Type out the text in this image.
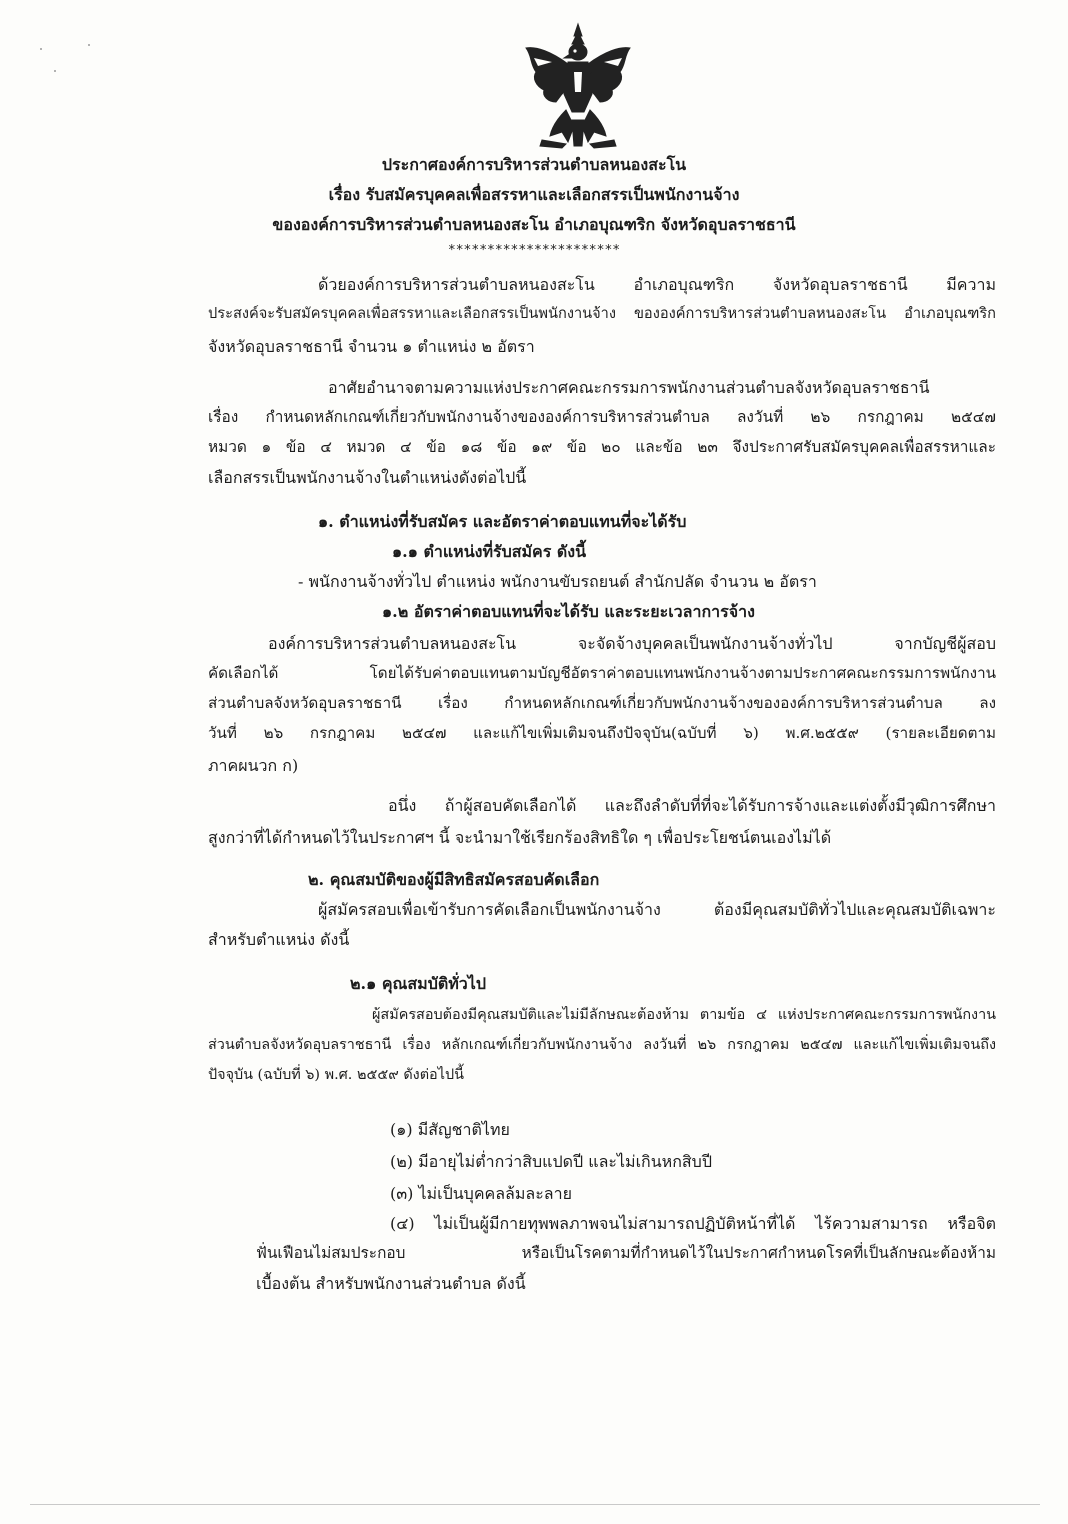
ประกาศองค์การบริหารส่วนตำบลหนองสะโน

เรื่อง รับสมัครบุคคลเพื่อสรรหาและเลือกสรรเป็นพนักงานจ้าง

ขององค์การบริหารส่วนตำบลหนองสะโน อำเภอบุณฑริก จังหวัดอุบลราชธานี

**********************

ด้วยองค์การบริหารส่วนตำบลหนองสะโน อำเภอบุณฑริก จังหวัดอุบลราชธานี มีความ

ประสงค์จะรับสมัครบุคคลเพื่อสรรหาและเลือกสรรเป็นพนักงานจ้าง ขององค์การบริหารส่วนตำบลหนองสะโน อำเภอบุณฑริก

จังหวัดอุบลราชธานี จำนวน ๑ ตำแหน่ง ๒ อัตรา

อาศัยอำนาจตามความแห่งประกาศคณะกรรมการพนักงานส่วนตำบลจังหวัดอุบลราชธานี

เรื่อง กำหนดหลักเกณฑ์เกี่ยวกับพนักงานจ้างขององค์การบริหารส่วนตำบล ลงวันที่ ๒๖ กรกฎาคม ๒๕๔๗

หมวด ๑ ข้อ ๔ หมวด ๔ ข้อ ๑๘ ข้อ ๑๙ ข้อ ๒๐ และข้อ ๒๓ จึงประกาศรับสมัครบุคคลเพื่อสรรหาและ

เลือกสรรเป็นพนักงานจ้างในตำแหน่งดังต่อไปนี้

๑. ตำแหน่งที่รับสมัคร และอัตราค่าตอบแทนที่จะได้รับ

๑.๑ ตำแหน่งที่รับสมัคร ดังนี้

- พนักงานจ้างทั่วไป ตำแหน่ง พนักงานขับรถยนต์ สำนักปลัด จำนวน ๒ อัตรา

๑.๒ อัตราค่าตอบแทนที่จะได้รับ และระยะเวลาการจ้าง

องค์การบริหารส่วนตำบลหนองสะโน จะจัดจ้างบุคคลเป็นพนักงานจ้างทั่วไป จากบัญชีผู้สอบ

คัดเลือกได้ โดยได้รับค่าตอบแทนตามบัญชีอัตราค่าตอบแทนพนักงานจ้างตามประกาศคณะกรรมการพนักงาน

ส่วนตำบลจังหวัดอุบลราชธานี เรื่อง กำหนดหลักเกณฑ์เกี่ยวกับพนักงานจ้างขององค์การบริหารส่วนตำบล ลง

วันที่ ๒๖ กรกฎาคม ๒๕๔๗ และแก้ไขเพิ่มเติมจนถึงปัจจุบัน(ฉบับที่ ๖) พ.ศ.๒๕๕๙ (รายละเอียดตาม

ภาคผนวก ก)

อนึ่ง ถ้าผู้สอบคัดเลือกได้ และถึงลำดับที่ที่จะได้รับการจ้างและแต่งตั้งมีวุฒิการศึกษา

สูงกว่าที่ได้กำหนดไว้ในประกาศฯ นี้ จะนำมาใช้เรียกร้องสิทธิใด ๆ เพื่อประโยชน์ตนเองไม่ได้

๒. คุณสมบัติของผู้มีสิทธิสมัครสอบคัดเลือก

ผู้สมัครสอบเพื่อเข้ารับการคัดเลือกเป็นพนักงานจ้าง ต้องมีคุณสมบัติทั่วไปและคุณสมบัติเฉพาะ

สำหรับตำแหน่ง ดังนี้

๒.๑ คุณสมบัติทั่วไป

ผู้สมัครสอบต้องมีคุณสมบัติและไม่มีลักษณะต้องห้าม ตามข้อ ๔ แห่งประกาศคณะกรรมการพนักงาน

ส่วนตำบลจังหวัดอุบลราชธานี เรื่อง หลักเกณฑ์เกี่ยวกับพนักงานจ้าง ลงวันที่ ๒๖ กรกฎาคม ๒๕๔๗ และแก้ไขเพิ่มเติมจนถึง

ปัจจุบัน (ฉบับที่ ๖) พ.ศ. ๒๕๕๙ ดังต่อไปนี้

(๑) มีสัญชาติไทย

(๒) มีอายุไม่ต่ำกว่าสิบแปดปี และไม่เกินหกสิบปี

(๓) ไม่เป็นบุคคลล้มละลาย

(๔) ไม่เป็นผู้มีกายทุพพลภาพจนไม่สามารถปฏิบัติหน้าที่ได้ ไร้ความสามารถ หรือจิต

ฟั่นเฟือนไม่สมประกอบ หรือเป็นโรคตามที่กำหนดไว้ในประกาศกำหนดโรคที่เป็นลักษณะต้องห้าม

เบื้องต้น สำหรับพนักงานส่วนตำบล ดังนี้
